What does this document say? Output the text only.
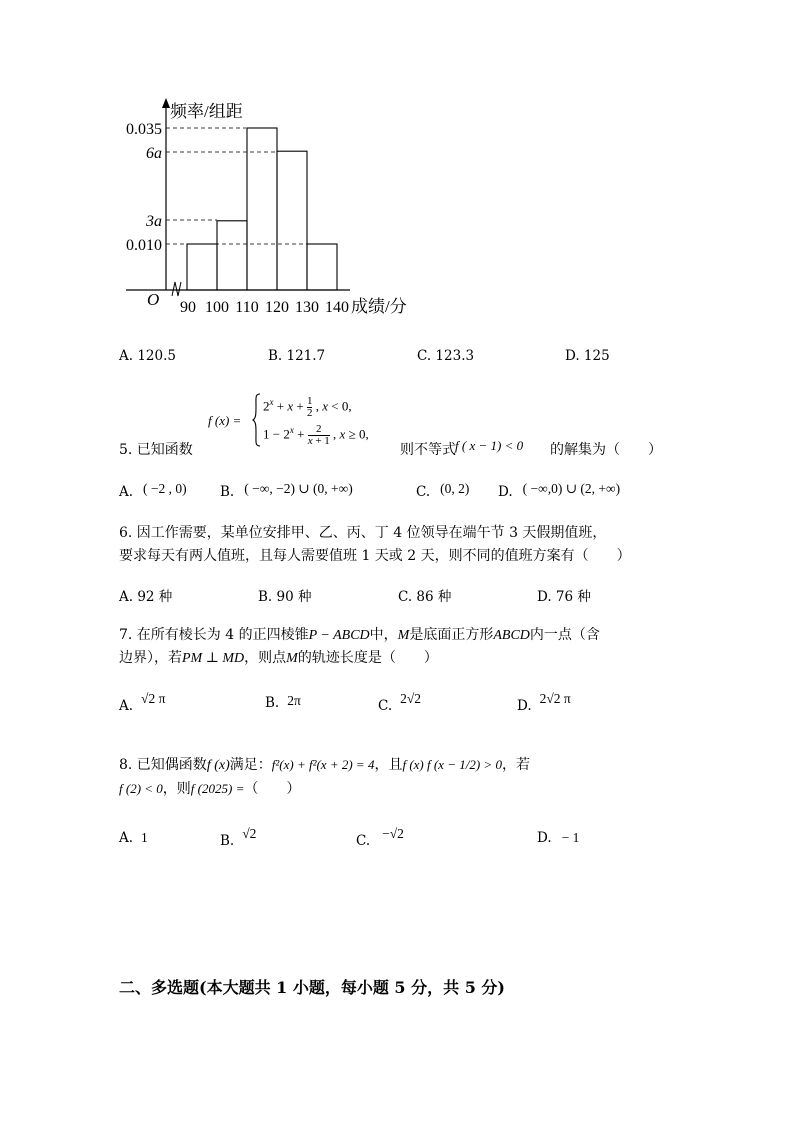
频率/组距
0.035
6a
3a
0.010
O 90 100 110 120 130 140 成绩/分
A. 120.5	B. 121.7	C. 123.3	D. 125
f (x) =
$2^x + x + \frac{1}{2}$ , x < 0,
$1 - 2^x + \frac{2}{x + 1}$ , x ≥ 0,
5. 已知函数	则不等式 f ( x − 1) < 0 的解集为（　　）
A. ( −2 , 0) B. ( −∞, −2) ∪ (0, +∞)	C. (0, 2) D. ( −∞,0) ∪ (2, +∞)
6. 因工作需要，某单位安排甲、乙、丙、丁 4 位领导在端午节 3 天假期值班，
要求每天有两人值班，且每人需要值班 1 天或 2 天，则不同的值班方案有（　　）
A. 92 种	B. 90 种	C. 86 种	D. 76 种
7. 在所有棱长为 4 的正四棱锥P − ABCD中，M是底面正方形ABCD内一点（含
边界），若PM ⊥ MD，则点M的轨迹长度是（　　）
A. √2 π	B. 2π	C. 2√2	D. 2√2 π
8. 已知偶函数f (x)满足：f²(x) + f²(x + 2) = 4，且f (x) f (x − 1/2) > 0，若
f (2) < 0，则f (2025) =（　　）
A. 1	B. √2	C. −√2	D. − 1
二、多选题(本大题共 1 小题，每小题 5 分，共 5 分)
